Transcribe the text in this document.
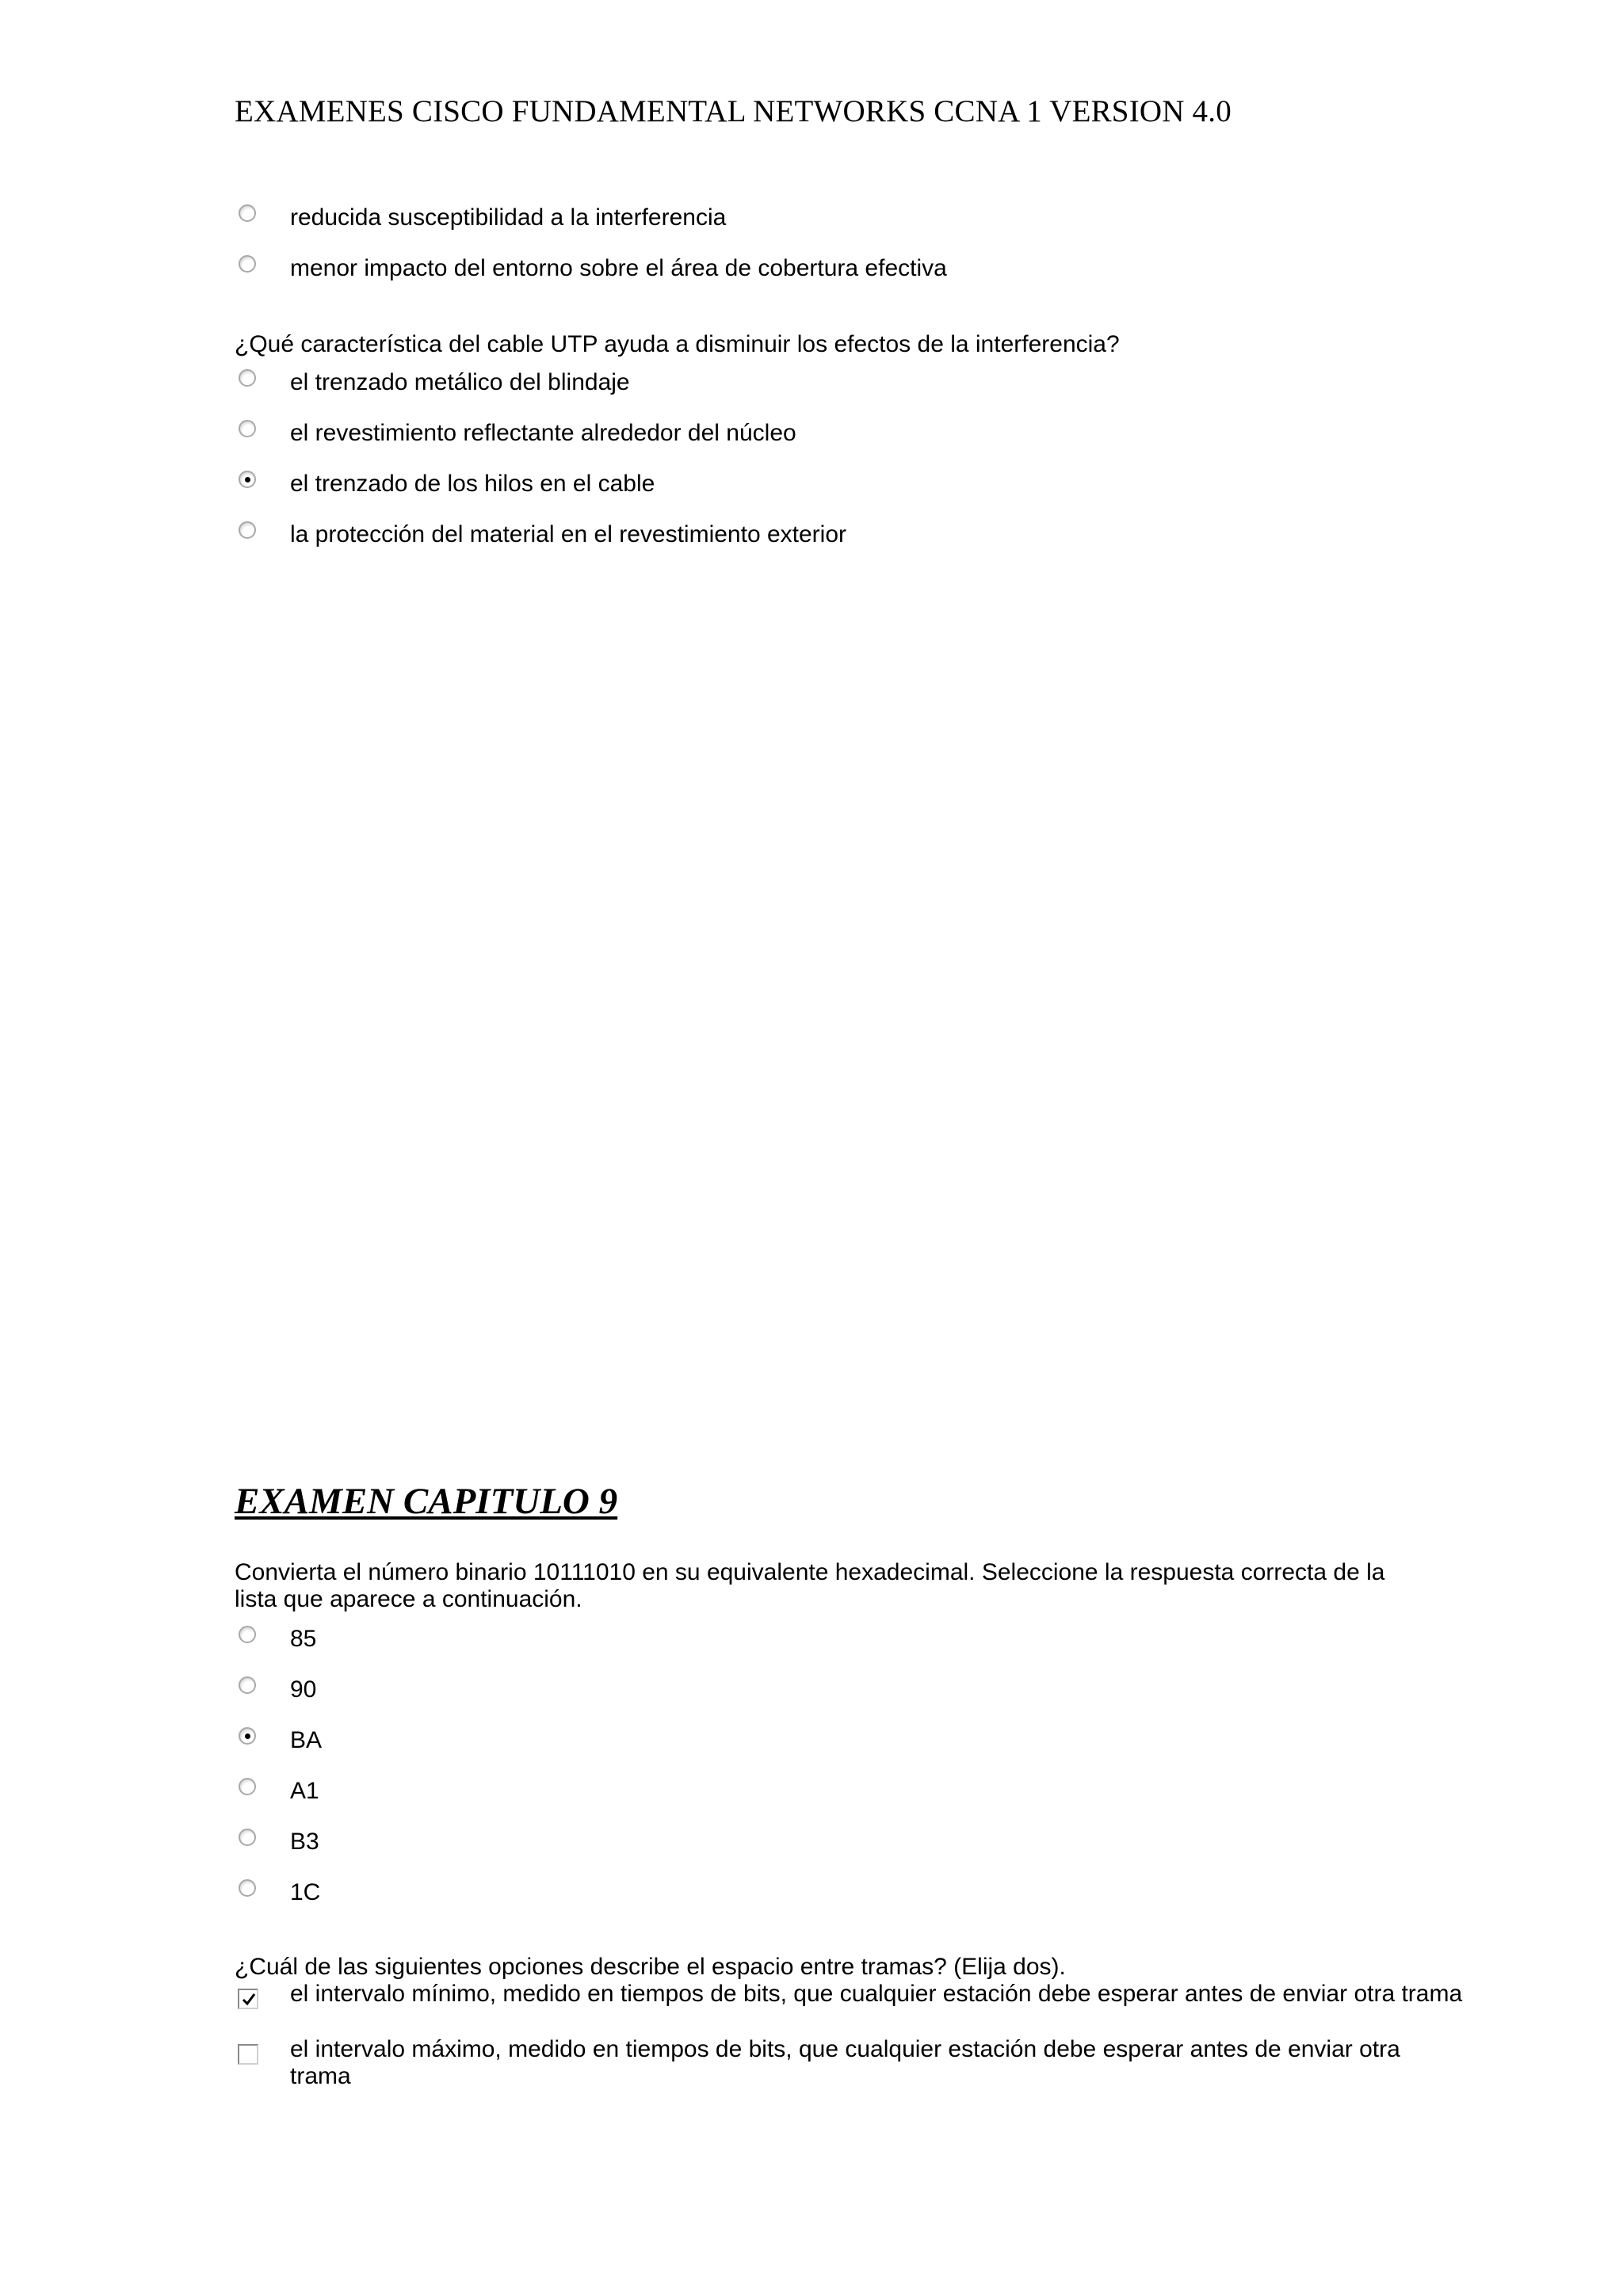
EXAMENES CISCO FUNDAMENTAL NETWORKS CCNA 1 VERSION 4.0
reducida susceptibilidad a la interferencia
menor impacto del entorno sobre el área de cobertura efectiva
¿Qué característica del cable UTP ayuda a disminuir los efectos de la interferencia?
el trenzado metálico del blindaje
el revestimiento reflectante alrededor del núcleo
el trenzado de los hilos en el cable
la protección del material en el revestimiento exterior
EXAMEN CAPITULO 9
Convierta el número binario 10111010 en su equivalente hexadecimal. Seleccione la respuesta correcta de la lista que aparece a continuación.
85
90
BA
A1
B3
1C
¿Cuál de las siguientes opciones describe el espacio entre tramas? (Elija dos).
el intervalo mínimo, medido en tiempos de bits, que cualquier estación debe esperar antes de enviar otra trama
el intervalo máximo, medido en tiempos de bits, que cualquier estación debe esperar antes de enviar otra trama
